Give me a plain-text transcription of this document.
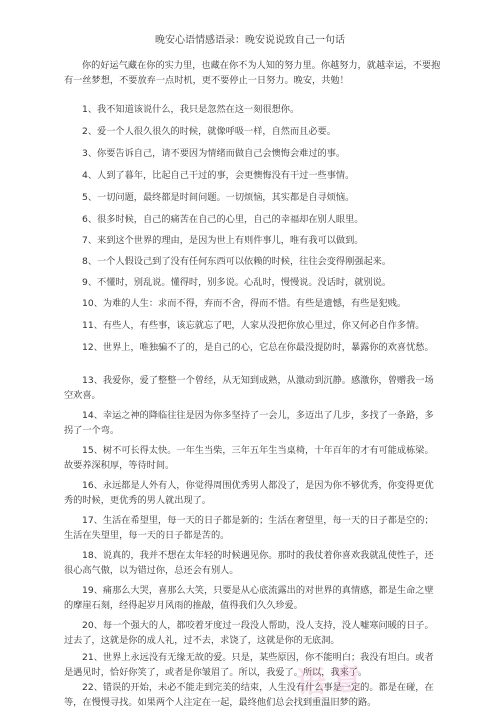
晚安心语情感语录：晚安说说致自己一句话

你的好运气藏在你的实力里，也藏在你不为人知的努力里。你越努力，就越幸运，不要抱有一丝梦想，不要放弃一点时机，更不要停止一日努力。晚安，共勉！

1、我不知道该说什么，我只是忽然在这一刻很想你。
2、爱一个人很久很久的时候，就像呼吸一样，自然而且必要。
3、你要告诉自己，请不要因为情绪而做自己会懊悔会难过的事。
4、人到了暮年，比起自己干过的事，会更懊悔没有干过一些事情。
5、一切问题，最终都是时间问题。一切烦恼，其实都是自寻烦恼。
6、很多时候，自己的痛苦在自己的心里，自己的幸福却在别人眼里。
7、来到这个世界的理由，是因为世上有则件事儿，唯有我可以做到。
8、一个人假设己到了没有任何东西可以依赖的时候，往往会变得刚强起来。
9、不懂时，别乱说。懂得时，别多说。心乱时，慢慢说。没话时，就别说。
10、为难的人生：求而不得，弃而不舍，得而不惜。有些是遗憾，有些是犯贱。
11、有些人，有些事，该忘就忘了吧，人家从没把你放心里过，你又何必自作多情。
12、世界上，唯独骗不了的，是自己的心，它总在你最没提防时，暴露你的欢喜忧愁。
13、我爱你，爱了整整一个曾经，从无知到成熟，从激动到沉静。感激你，曾赠我一场空欢喜。
14、幸运之神的降临往往是因为你多坚持了一会儿，多迈出了几步，多找了一条路，多拐了一个弯。
15、树不可长得太快。一年生当柴，三年五年生当桌椅，十年百年的才有可能成栋梁。故要养深积厚，等待时间。
16、永远都是人外有人，你觉得周围优秀男人都没了，是因为你不够优秀，你变得更优秀的时候，更优秀的男人就出现了。
17、生活在希望里，每一天的日子都是新的；生活在奢望里，每一天的日子都是空的；生活在失望里，每一天的日子都是苦的。
18、说真的，我并不想在太年轻的时候遇见你。那时的我仗着你喜欢我就乱使性子，还很心高气傲，以为错过你，总还会有别人。
19、痛那么大哭，喜那么大笑，只要是从心底流露出的对世界的真情感，都是生命之壁的摩崖石刻，经得起岁月风雨的推敲，值得我们久久珍爱。
20、每一个强大的人，都咬着牙度过一段没人帮助，没人支持，没人嘘寒问暖的日子。过去了，这就是你的成人礼，过不去，求饶了，这就是你的无底洞。
21、世界上永远没有无缘无故的爱。只是，某些原因，你不能明白；我没有坦白。或者是遇见时，恰好你笑了，或者是你皱眉了。所以，我爱了。所以，我来了。
22、错误的开始，未必不能走到完美的结束，人生没有什么事是一定的。都是在碰，在等，在慢慢寻找。如果两个人注定在一起，最终他们总会找到重温旧梦的路。
语意
